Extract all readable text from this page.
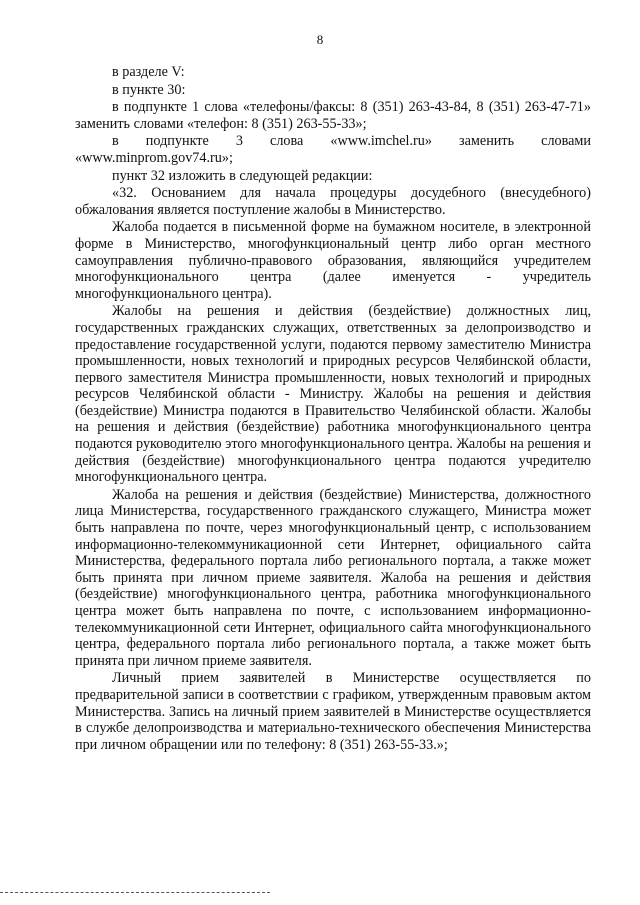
8

в разделе V:

в пункте 30:

в подпункте 1 слова «телефоны/факсы: 8 (351) 263-43-84, 8 (351) 263-47-71» заменить словами «телефон: 8 (351) 263-55-33»;

в подпункте 3 слова «www.imchel.ru» заменить словами «www.minprom.gov74.ru»;

пункт 32 изложить в следующей редакции:

«32. Основанием для начала процедуры досудебного (внесудебного) обжалования является поступление жалобы в Министерство.

Жалоба подается в письменной форме на бумажном носителе, в электронной форме в Министерство, многофункциональный центр либо орган местного самоуправления публично-правового образования, являющийся учредителем многофункционального центра (далее именуется - учредитель многофункционального центра).

Жалобы на решения и действия (бездействие) должностных лиц, государственных гражданских служащих, ответственных за делопроизводство и предоставление государственной услуги, подаются первому заместителю Министра промышленности, новых технологий и природных ресурсов Челябинской области, первого заместителя Министра промышленности, новых технологий и природных ресурсов Челябинской области - Министру. Жалобы на решения и действия (бездействие) Министра подаются в Правительство Челябинской области. Жалобы на решения и действия (бездействие) работника многофункционального центра подаются руководителю этого многофункционального центра. Жалобы на решения и действия (бездействие) многофункционального центра подаются учредителю многофункционального центра.

Жалоба на решения и действия (бездействие) Министерства, должностного лица Министерства, государственного гражданского служащего, Министра может быть направлена по почте, через многофункциональный центр, с использованием информационно-телекоммуникационной сети Интернет, официального сайта Министерства, федерального портала либо регионального портала, а также может быть принята при личном приеме заявителя. Жалоба на решения и действия (бездействие) многофункционального центра, работника многофункционального центра может быть направлена по почте, с использованием информационно-телекоммуникационной сети Интернет, официального сайта многофункционального центра, федерального портала либо регионального портала, а также может быть принята при личном приеме заявителя.

Личный прием заявителей в Министерстве осуществляется по предварительной записи в соответствии с графиком, утвержденным правовым актом Министерства. Запись на личный прием заявителей в Министерстве осуществляется в службе делопроизводства и материально-технического обеспечения Министерства при личном обращении или по телефону: 8 (351) 263-55-33.»;
